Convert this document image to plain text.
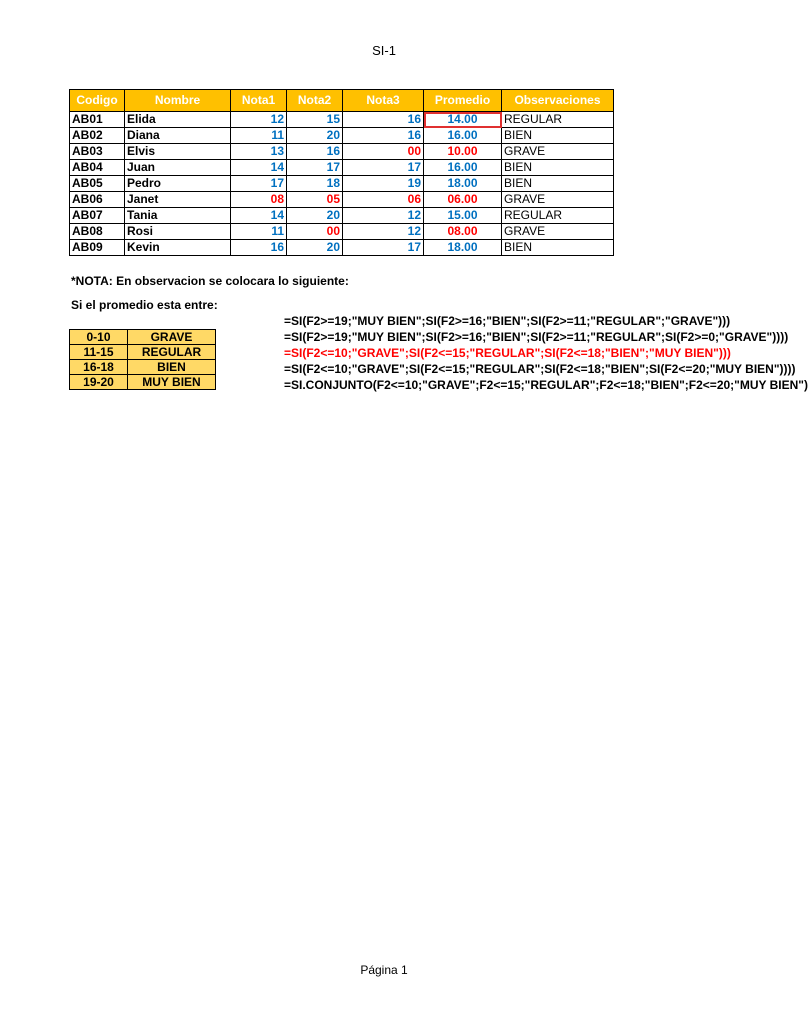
SI-1
Codigo	Nombre	Nota1	Nota2	Nota3	Promedio	Observaciones
AB01	Elida	12	15	16	14.00	REGULAR
AB02	Diana	11	20	16	16.00	BIEN
AB03	Elvis	13	16	00	10.00	GRAVE
AB04	Juan	14	17	17	16.00	BIEN
AB05	Pedro	17	18	19	18.00	BIEN
AB06	Janet	08	05	06	06.00	GRAVE
AB07	Tania	14	20	12	15.00	REGULAR
AB08	Rosi	11	00	12	08.00	GRAVE
AB09	Kevin	16	20	17	18.00	BIEN
*NOTA: En observacion se colocara lo siguiente:
Si el promedio esta entre:
0-10	GRAVE
11-15	REGULAR
16-18	BIEN
19-20	MUY BIEN
=SI(F2>=19;"MUY BIEN";SI(F2>=16;"BIEN";SI(F2>=11;"REGULAR";"GRAVE")))
=SI(F2>=19;"MUY BIEN";SI(F2>=16;"BIEN";SI(F2>=11;"REGULAR";SI(F2>=0;"GRAVE"))))
=SI(F2<=10;"GRAVE";SI(F2<=15;"REGULAR";SI(F2<=18;"BIEN";"MUY BIEN")))
=SI(F2<=10;"GRAVE";SI(F2<=15;"REGULAR";SI(F2<=18;"BIEN";SI(F2<=20;"MUY BIEN"))))
=SI.CONJUNTO(F2<=10;"GRAVE";F2<=15;"REGULAR";F2<=18;"BIEN";F2<=20;"MUY BIEN")
Página 1
